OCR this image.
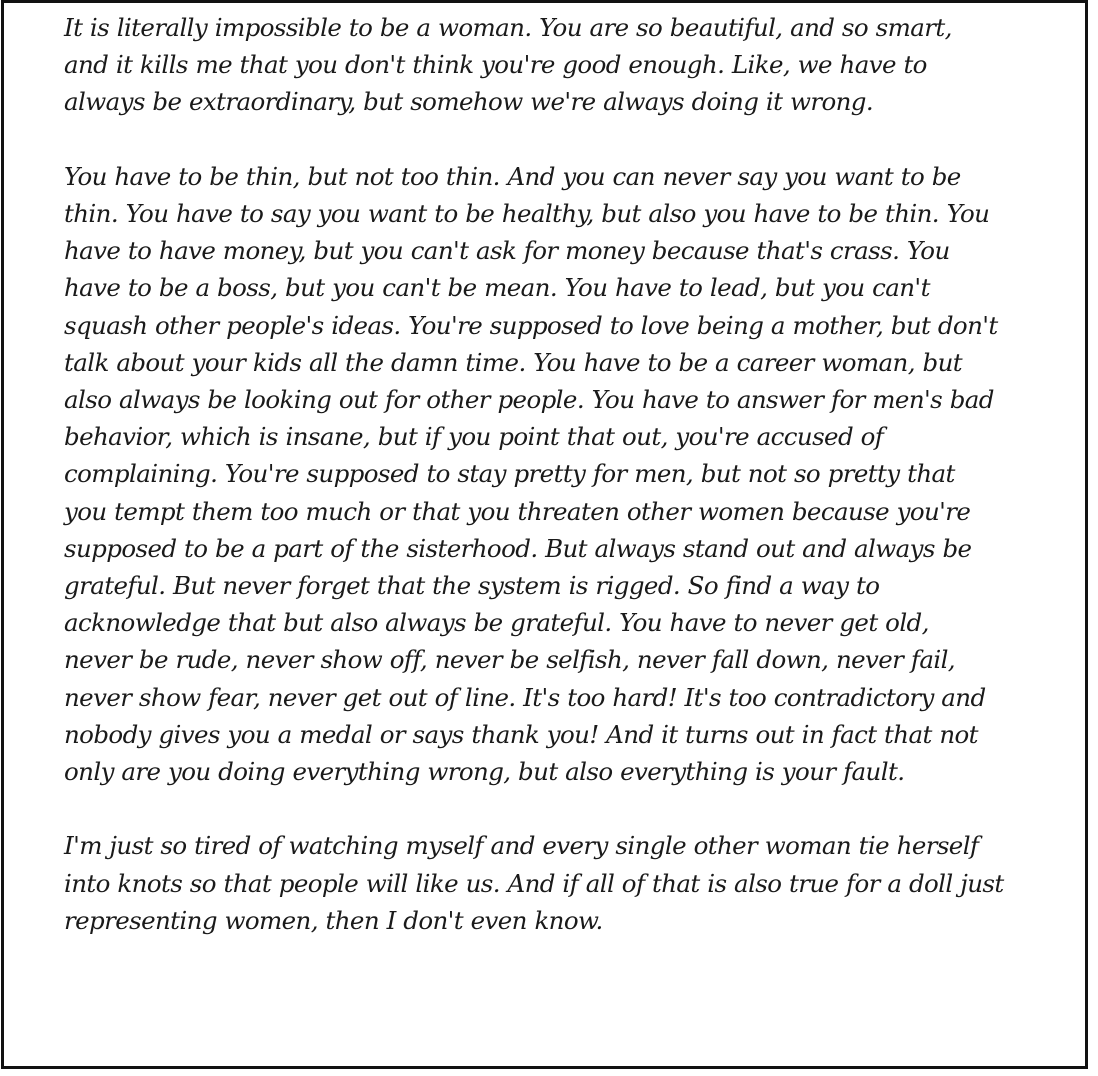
It is literally impossible to be a woman. You are so beautiful, and so smart,
and it kills me that you don't think you're good enough. Like, we have to
always be extraordinary, but somehow we're always doing it wrong.

You have to be thin, but not too thin. And you can never say you want to be
thin. You have to say you want to be healthy, but also you have to be thin. You
have to have money, but you can't ask for money because that's crass. You
have to be a boss, but you can't be mean. You have to lead, but you can't
squash other people's ideas. You're supposed to love being a mother, but don't
talk about your kids all the damn time. You have to be a career woman, but
also always be looking out for other people. You have to answer for men's bad
behavior, which is insane, but if you point that out, you're accused of
complaining. You're supposed to stay pretty for men, but not so pretty that
you tempt them too much or that you threaten other women because you're
supposed to be a part of the sisterhood. But always stand out and always be
grateful. But never forget that the system is rigged. So find a way to
acknowledge that but also always be grateful. You have to never get old,
never be rude, never show off, never be selfish, never fall down, never fail,
never show fear, never get out of line. It's too hard! It's too contradictory and
nobody gives you a medal or says thank you! And it turns out in fact that not
only are you doing everything wrong, but also everything is your fault.

I'm just so tired of watching myself and every single other woman tie herself
into knots so that people will like us. And if all of that is also true for a doll just
representing women, then I don't even know.
